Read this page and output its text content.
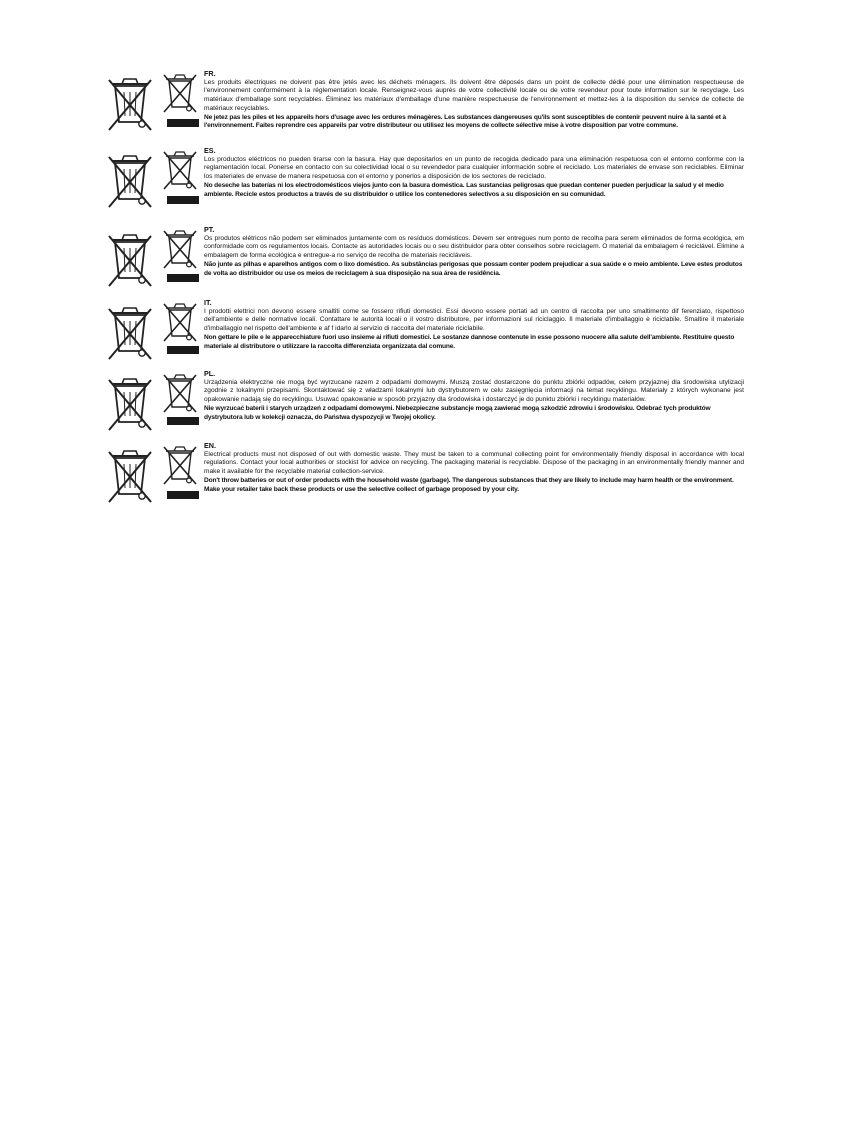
FR.
Les produits électriques ne doivent pas être jetés avec les déchets ménagers. Ils doivent être déposés dans un point de collecte dédié pour une élimination respectueuse de l'environnement conformément à la réglementation locale. Renseignez-vous auprès de votre collectivité locale ou de votre revendeur pour toute information sur le recyclage. Les matériaux d'emballage sont recyclables. Éliminez les matériaux d'emballage d'une manière respectueuse de l'environnement et mettez-les à la disposition du service de collecte de matériaux recyclables.
Ne jetez pas les piles et les appareils hors d'usage avec les ordures ménagères. Les substances dangereuses qu'ils sont susceptibles de contenir peuvent nuire à la santé et à l'environnement. Faites reprendre ces appareils par votre distributeur ou utilisez les moyens de collecte sélective mise à votre disposition par votre commune.
ES.
Los productos eléctricos no pueden tirarse con la basura. Hay que depositarlos en un punto de recogida dedicado para una eliminación respetuosa con el entorno conforme con la reglamentación local. Ponerse en contacto con su colectividad local o su revendedor para cualquier información sobre el reciclado. Los materiales de envase son reciclables. Eliminar los materiales de envase de manera respetuosa con el entorno y ponerlos a disposición de los sectores de reciclado.
No deseche las baterías ni los electrodomésticos viejos junto con la basura doméstica. Las sustancias peligrosas que puedan contener pueden perjudicar la salud y el medio ambiente. Recicle estos productos a través de su distribuidor o utilice los contenedores selectivos a su disposición en su comunidad.
PT.
Os produtos elétricos não podem ser eliminados juntamente com os resíduos domésticos. Devem ser entregues num ponto de recolha para serem eliminados de forma ecológica, em conformidade com os regulamentos locais. Contacte as autoridades locais ou o seu distribuidor para obter conselhos sobre reciclagem. O material da embalagem é reciclável. Elimine a embalagem de forma ecológica e entregue-a no serviço de recolha de materiais recicláveis.
Não junte as pilhas e aparelhos antigos com o lixo doméstico. As substâncias perigosas que possam conter podem prejudicar a sua saúde e o meio ambiente. Leve estes produtos de volta ao distribuidor ou use os meios de reciclagem à sua disposição na sua área de residência.
IT.
I prodotti elettrici non devono essere smaltiti come se fossero rifiuti domestici. Essi devono essere portati ad un centro di raccolta per uno smaltimento dif ferenziato, rispettoso dell'ambiente e delle normative locali. Contattare le autorità locali o il vostro distributore, per informazioni sul riciclaggio. Il materiale d'imballaggio è riciclabile. Smaltire il materiale d'imballaggio nel rispetto dell'ambiente e af f idarlo al servizio di raccolta del materiale riciclabile.
Non gettare le pile e le apparecchiature fuori uso insieme ai rifiuti domestici. Le sostanze dannose contenute in esse possono nuocere alla salute dell'ambiente. Restituire questo materiale al distributore o utilizzare la raccolta differenziata organizzata dal comune.
PL.
Urządzenia elektryczne nie mogą być wyrzucane razem z odpadami domowymi. Muszą zostać dostarczone do punktu zbiórki odpadów, celem przyjaznej dla środowiska utylizacji zgodnie z lokalnymi przepisami. Skontaktować się z władzami lokalnymi lub dystrybutorem w celu zasięgnięcia informacji na temat recyklingu. Materiały z których wykonane jest opakowanie nadają się do recyklingu. Usuwać opakowanie w sposób przyjazny dla środowiska i dostarczyć je do punktu zbiórki i recyklingu materiałów.
Nie wyrzucać baterii i starych urządzeń z odpadami domowymi. Niebezpieczne substancje mogą zawierać mogą szkodzić zdrowiu i środowisku. Odebrać tych produktów dystrybutora lub w kolekcji oznacza, do Państwa dyspozycji w Twojej okolicy.
EN.
Electrical products must not disposed of out with domestic waste. They must be taken to a communal collecting point for environmentally friendly disposal in accordance with local regulations. Contact your local authorities or stockist for advice on recycling. The packaging material is recyclable. Dispose of the packaging in an environmentally friendly manner and make it available for the recyclable material collection-service.
Don't throw batteries or out of order products with the household waste (garbage). The dangerous substances that they are likely to include may harm health or the environment. Make your retailer take back these products or use the selective collect of garbage proposed by your city.
